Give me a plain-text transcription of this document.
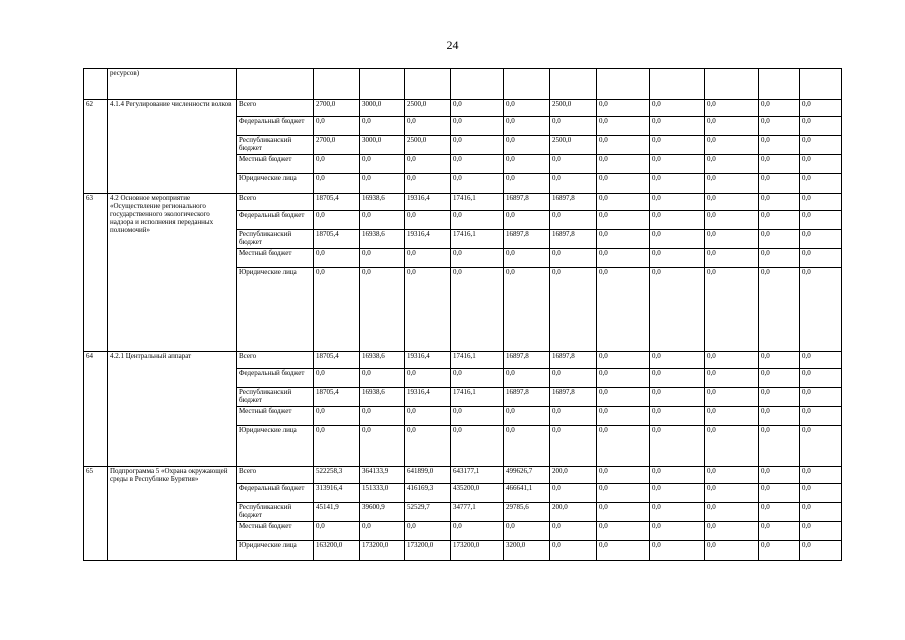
24
	ресурсов)												
62	4.1.4 Регулирование численности волков	Всего	2700,0	3000,0	2500,0	0,0	0,0	2500,0	0,0	0,0	0,0	0,0	0,0
		Федеральный бюджет	0,0	0,0	0,0	0,0	0,0	0,0	0,0	0,0	0,0	0,0	0,0
		Республиканский бюджет	2700,0	3000,0	2500,0	0,0	0,0	2500,0	0,0	0,0	0,0	0,0	0,0
		Местный бюджет	0,0	0,0	0,0	0,0	0,0	0,0	0,0	0,0	0,0	0,0	0,0
		Юридические лица	0,0	0,0	0,0	0,0	0,0	0,0	0,0	0,0	0,0	0,0	0,0
63	4.2 Основное мероприятие «Осуществление регионального государственного экологического надзора и исполнения переданных полномочий»	Всего	18705,4	16938,6	19316,4	17416,1	16897,8	16897,8	0,0	0,0	0,0	0,0	0,0
		Федеральный бюджет	0,0	0,0	0,0	0,0	0,0	0,0	0,0	0,0	0,0	0,0	0,0
		Республиканский бюджет	18705,4	16938,6	19316,4	17416,1	16897,8	16897,8	0,0	0,0	0,0	0,0	0,0
		Местный бюджет	0,0	0,0	0,0	0,0	0,0	0,0	0,0	0,0	0,0	0,0	0,0
		Юридические лица	0,0	0,0	0,0	0,0	0,0	0,0	0,0	0,0	0,0	0,0	0,0
64	4.2.1 Центральный аппарат	Всего	18705,4	16938,6	19316,4	17416,1	16897,8	16897,8	0,0	0,0	0,0	0,0	0,0
		Федеральный бюджет	0,0	0,0	0,0	0,0	0,0	0,0	0,0	0,0	0,0	0,0	0,0
		Республиканский бюджет	18705,4	16938,6	19316,4	17416,1	16897,8	16897,8	0,0	0,0	0,0	0,0	0,0
		Местный бюджет	0,0	0,0	0,0	0,0	0,0	0,0	0,0	0,0	0,0	0,0	0,0
		Юридические лица	0,0	0,0	0,0	0,0	0,0	0,0	0,0	0,0	0,0	0,0	0,0
65	Подпрограмма 5 «Охрана окружающей среды в Республике Бурятия»	Всего	522258,3	364133,9	641899,0	643177,1	499626,7	200,0	0,0	0,0	0,0	0,0	0,0
		Федеральный бюджет	313916,4	151333,0	416169,3	435200,0	466641,1	0,0	0,0	0,0	0,0	0,0	0,0
		Республиканский бюджет	45141,9	39600,9	52529,7	34777,1	29785,6	200,0	0,0	0,0	0,0	0,0	0,0
		Местный бюджет	0,0	0,0	0,0	0,0	0,0	0,0	0,0	0,0	0,0	0,0	0,0
		Юридические лица	163200,0	173200,0	173200,0	173200,0	3200,0	0,0	0,0	0,0	0,0	0,0	0,0
